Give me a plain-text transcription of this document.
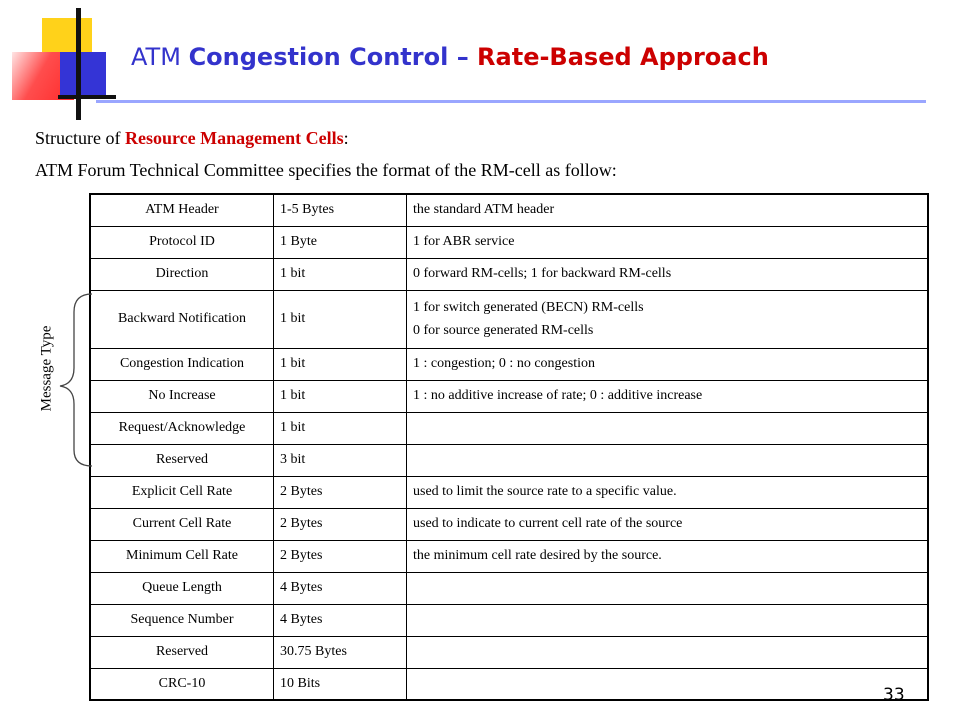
ATM Congestion Control – Rate-Based Approach
Structure of Resource Management Cells:
ATM Forum Technical Committee specifies the format of the RM-cell as follow:
ATM Header	1-5 Bytes	the standard ATM header
Protocol ID	1 Byte	1 for ABR service
Direction	1 bit	0 forward RM-cells; 1 for backward RM-cells
Backward Notification	1 bit	1 for switch generated (BECN) RM-cells
0 for source generated RM-cells

Congestion Indication	1 bit	1 : congestion; 0 : no congestion
No Increase	1 bit	1 : no additive increase of rate; 0 : additive increase
Request/Acknowledge	1 bit	
Reserved	3 bit	
Explicit Cell Rate	2 Bytes	used to limit the source rate to a specific value.
Current Cell Rate	2 Bytes	used to indicate to current cell rate of the source
Minimum Cell Rate	2 Bytes	the minimum cell rate desired by the source.
Queue Length	4 Bytes	
Sequence Number	4 Bytes	
Reserved	30.75 Bytes	
CRC-10	10 Bits	
Message Type
33
